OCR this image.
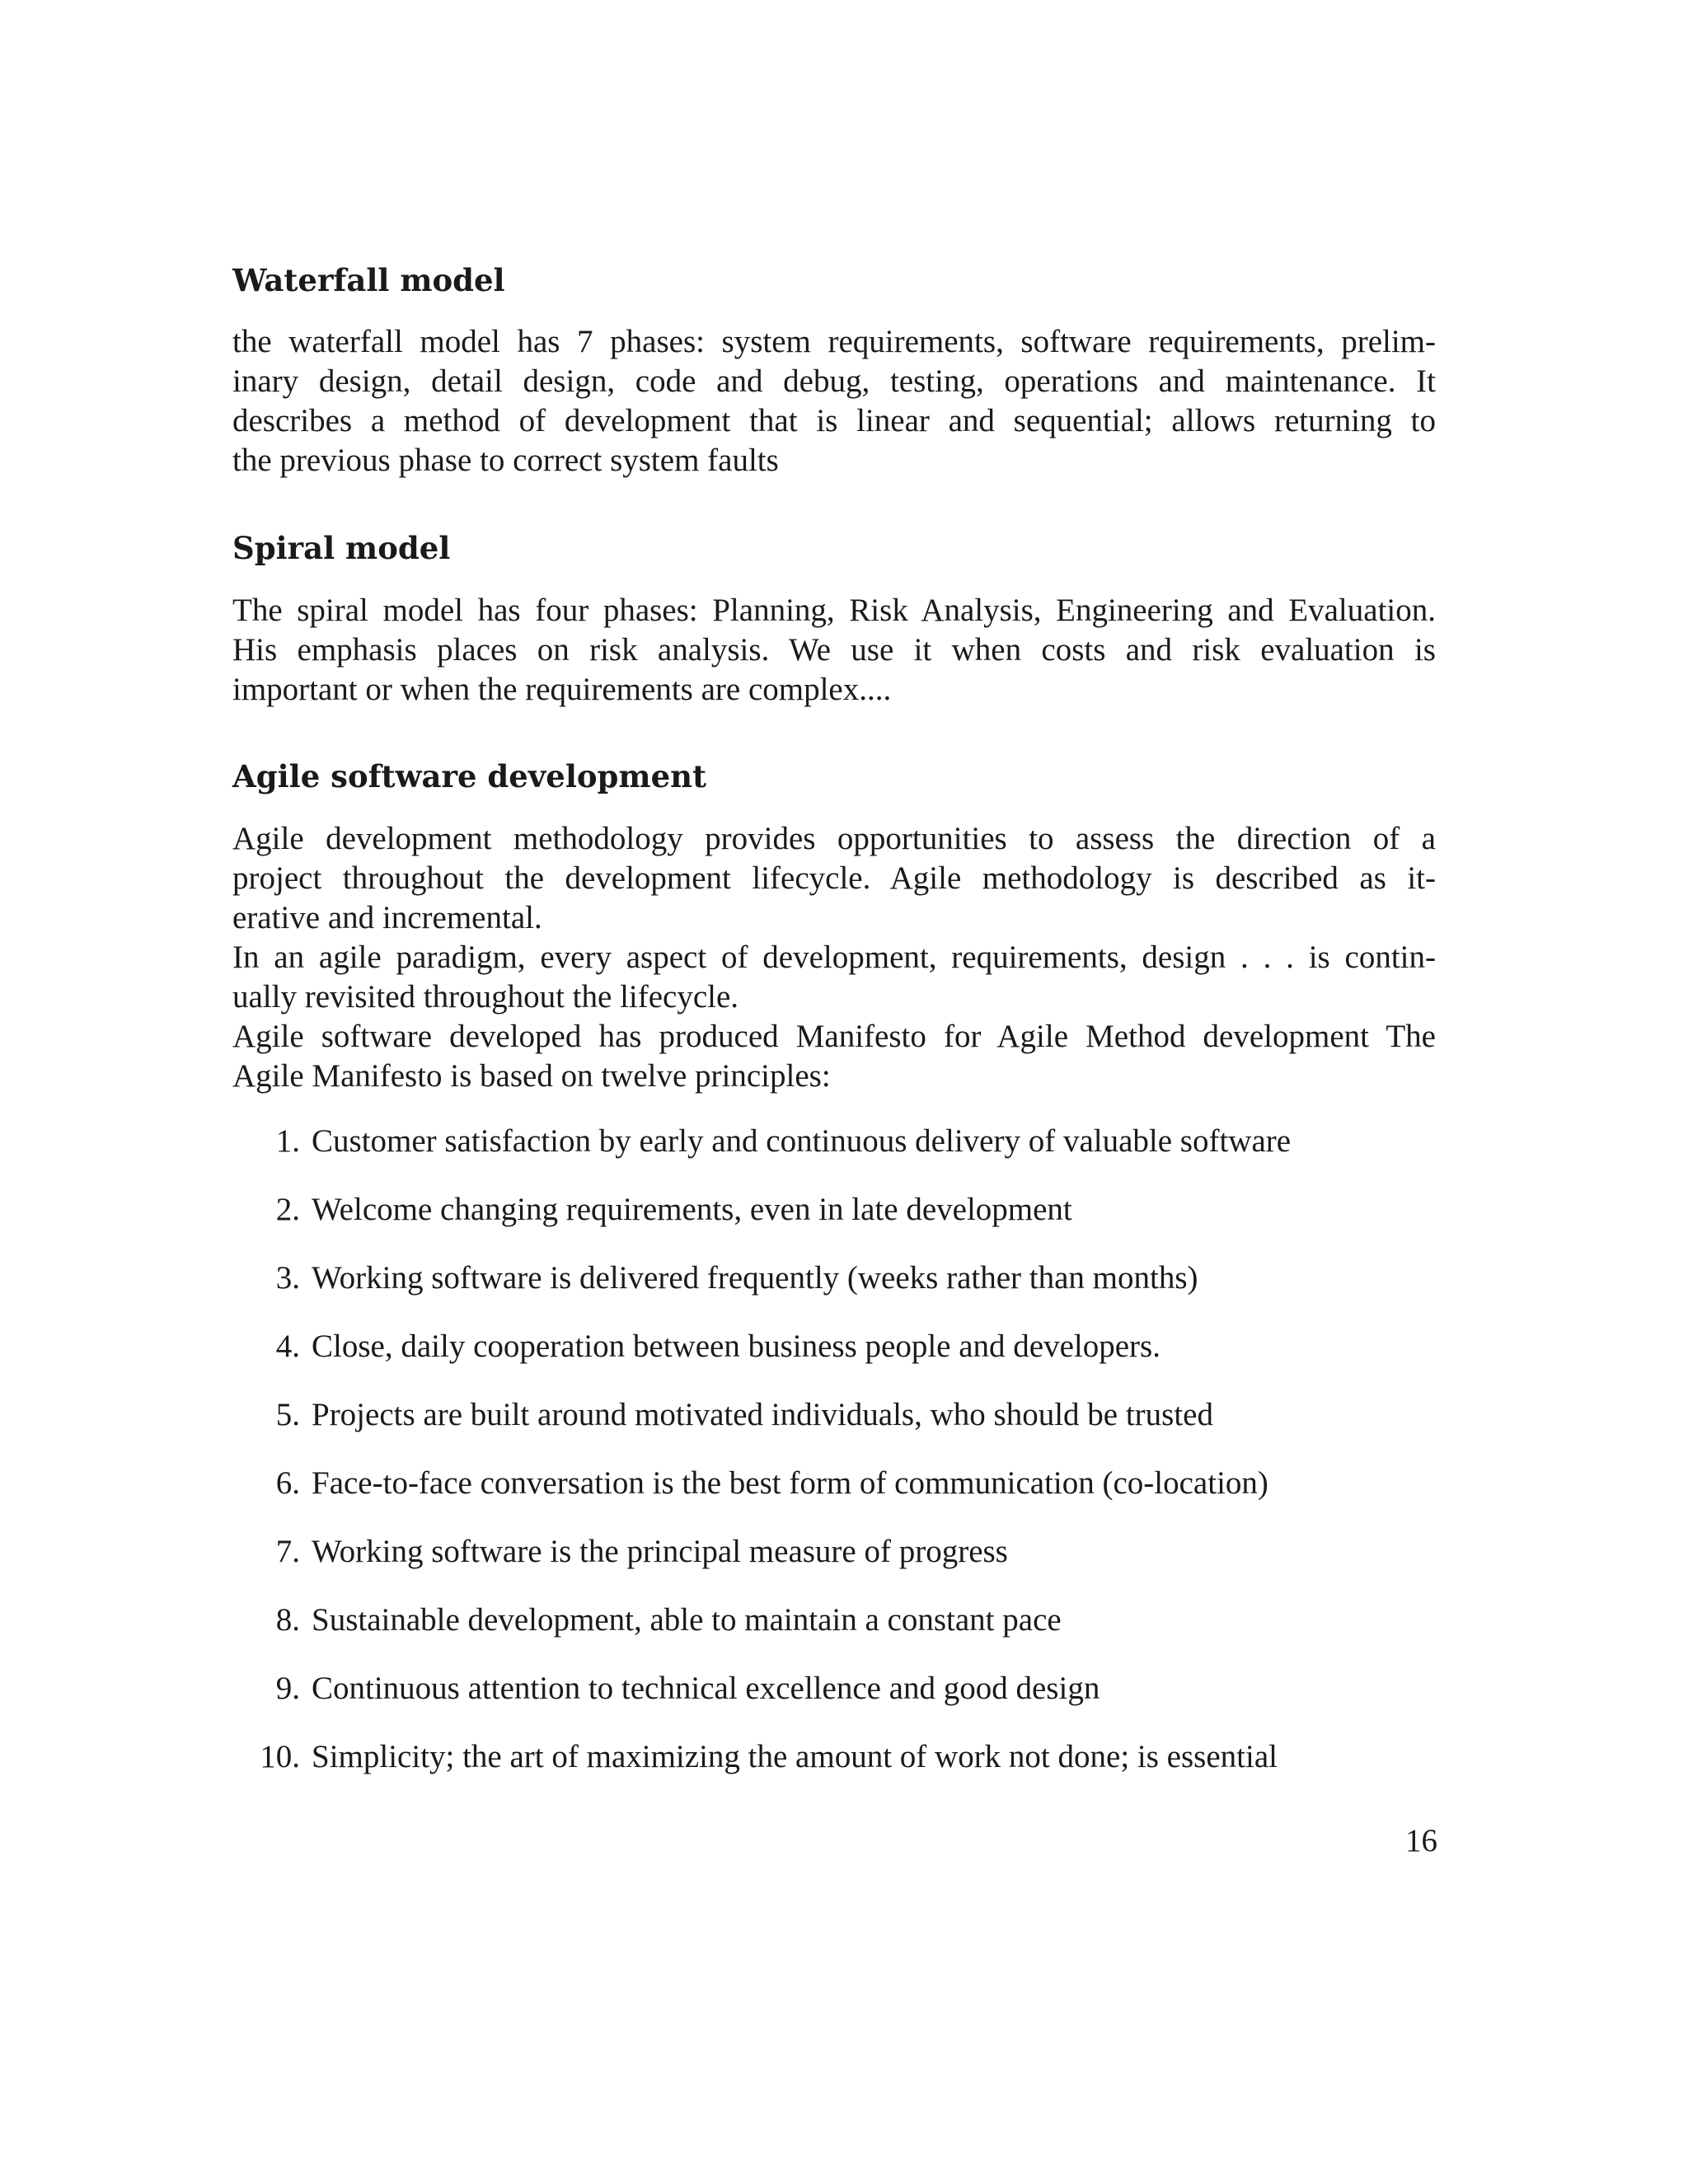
Waterfall model
the waterfall model has 7 phases: system requirements, software requirements, prelim-
inary design, detail design, code and debug, testing, operations and maintenance. It
describes a method of development that is linear and sequential; allows returning to
the previous phase to correct system faults
Spiral model
The spiral model has four phases: Planning, Risk Analysis, Engineering and Evaluation.
His emphasis places on risk analysis. We use it when costs and risk evaluation is
important or when the requirements are complex....
Agile software development
Agile development methodology provides opportunities to assess the direction of a
project throughout the development lifecycle. Agile methodology is described as it-
erative and incremental.
In an agile paradigm, every aspect of development, requirements, design . . . is contin-
ually revisited throughout the lifecycle.
Agile software developed has produced Manifesto for Agile Method development The
Agile Manifesto is based on twelve principles:
1. Customer satisfaction by early and continuous delivery of valuable software
2. Welcome changing requirements, even in late development
3. Working software is delivered frequently (weeks rather than months)
4. Close, daily cooperation between business people and developers.
5. Projects are built around motivated individuals, who should be trusted
6. Face-to-face conversation is the best form of communication (co-location)
7. Working software is the principal measure of progress
8. Sustainable development, able to maintain a constant pace
9. Continuous attention to technical excellence and good design
10. Simplicity; the art of maximizing the amount of work not done; is essential
16
